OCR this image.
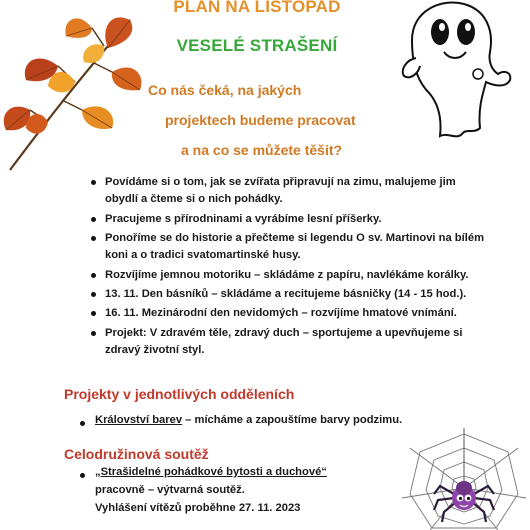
PLAN NA LISTOPAD
VESELÉ STRAŠENÍ
Co nás čeká, na jakých
projektech budeme pracovat
a na co se můžete těšit?
Povídáme si o tom, jak se zvířata připravují na zimu, malujeme jim obydlí a čteme si o nich pohádky.
Pracujeme s přírodninami a vyrábíme lesní příšerky.
Ponoříme se do historie a přečteme si legendu O sv. Martinovi na bílém koni a o tradici svatomartinské husy.
Rozvíjíme jemnou motoriku – skládáme z papíru, navlékáme korálky.
13. 11. Den básníků – skládáme a recitujeme básničky (14 - 15 hod.).
16. 11. Mezinárodní den nevidomých – rozvíjíme hmatové vnímání.
Projekt: V zdravém těle, zdravý duch – sportujeme a upevňujeme si zdravý životní styl.
Projekty v jednotlivých odděleních
Království barev – mícháme a zapouštíme barvy podzimu.
Celodružinová soutěž
„Strašidelné pohádkové bytosti a duchové“
pracovně – výtvarná soutěž.
Vyhlášení vítězů proběhne 27. 11. 2023
